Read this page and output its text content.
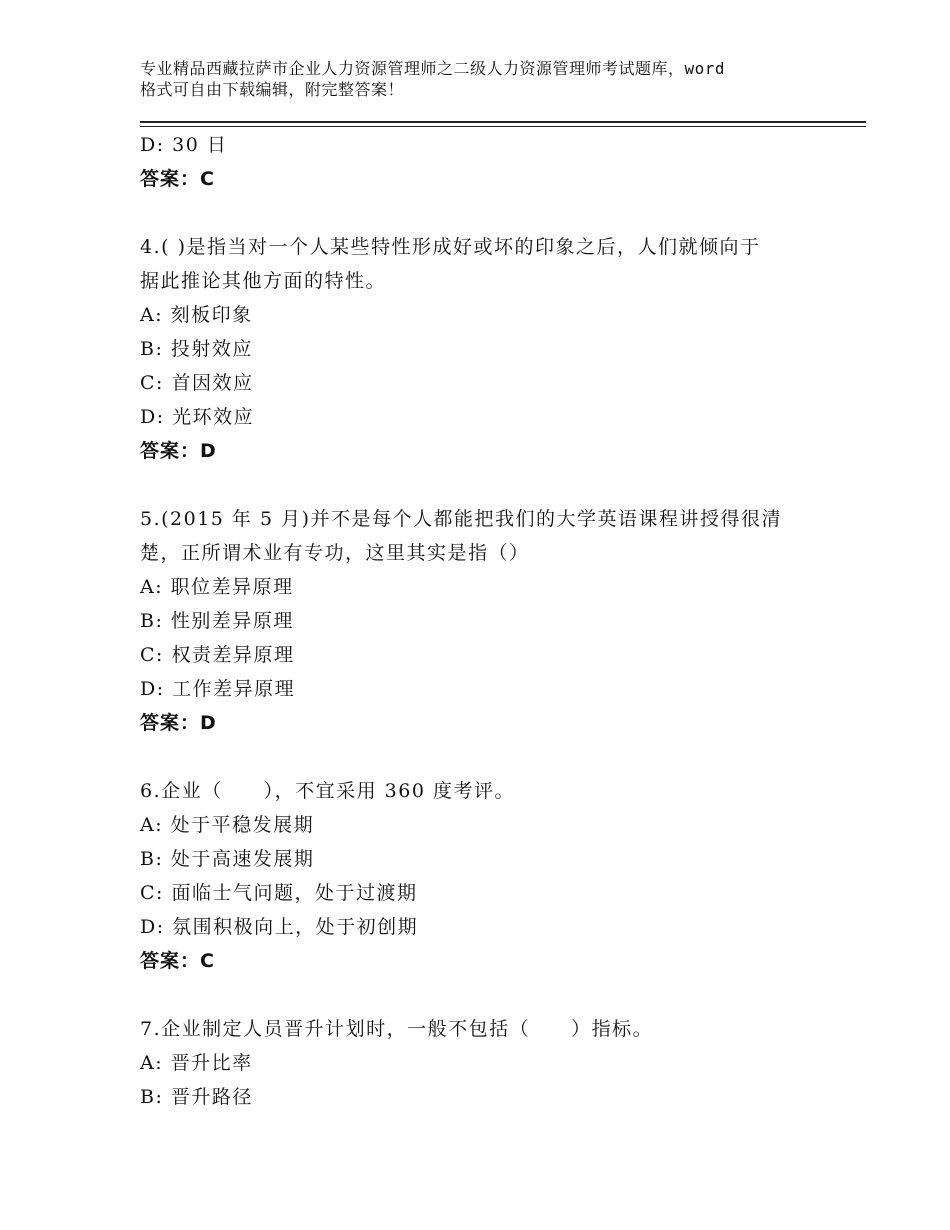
专业精品西藏拉萨市企业人力资源管理师之二级人力资源管理师考试题库，word
格式可自由下载编辑，附完整答案！
D: 30 日
答案：C
4.( )是指当对一个人某些特性形成好或坏的印象之后，人们就倾向于
据此推论其他方面的特性。
A: 刻板印象
B: 投射效应
C: 首因效应
D: 光环效应
答案：D
5.(2015 年 5 月)并不是每个人都能把我们的大学英语课程讲授得很清
楚，正所谓术业有专功，这里其实是指（）
A: 职位差异原理
B: 性别差异原理
C: 权责差异原理
D: 工作差异原理
答案：D
6.企业（　　），不宜采用 360 度考评。
A: 处于平稳发展期
B: 处于高速发展期
C: 面临士气问题，处于过渡期
D: 氛围积极向上，处于初创期
答案：C
7.企业制定人员晋升计划时，一般不包括（　　）指标。
A: 晋升比率
B: 晋升路径
